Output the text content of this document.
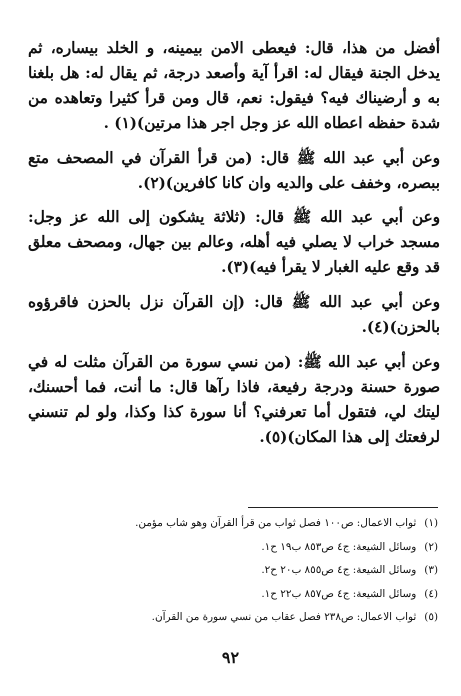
أفضل من هذا، قال: فيعطى الامن بيمينه، و الخلد بيساره، ثم يدخل الجنة فيقال له: اقرأ آية وأصعد درجة، ثم يقال له: هل بلغنا به و أرضيناك فيه؟ فيقول: نعم، قال ومن قرأ كثيرا وتعاهده من شدة حفظه اعطاه الله عز وجل اجر هذا مرتين)(١) .

وعن أبي عبد الله ﷺ قال: (من قرأ القرآن في المصحف متع ببصره، وخفف على والديه وان كانا كافرين)(٢).

وعن أبي عبد الله ﷺ قال: (ثلاثة يشكون إلى الله عز وجل: مسجد خراب لا يصلي فيه أهله، وعالم بين جهال، ومصحف معلق قد وقع عليه الغبار لا يقرأ فيه)(٣).

وعن أبي عبد الله ﷺ قال: (إن القرآن نزل بالحزن فاقرؤوه بالحزن)(٤).

وعن أبي عبد الله ﷺ: (من نسي سورة من القرآن مثلت له في صورة حسنة ودرجة رفيعة، فاذا رآها قال: ما أنت، فما أحسنك، ليتك لي، فتقول أما تعرفني؟ أنا سورة كذا وكذا، ولو لم تنسني لرفعتك إلى هذا المكان)(٥).

(١)ثواب الاعمال: ص١٠٠ فصل ثواب من قرأ القرآن وهو شاب مؤمن.
(٢)وسائل الشيعة: ج٤ ص٨٥٣ ب١٩ ح١.
(٣)وسائل الشيعة: ج٤ ص٨٥٥ ب٢٠ ح٢.
(٤)وسائل الشيعة: ج٤ ص٨٥٧ ب٢٢ ح١.
(٥)ثواب الاعمال: ص٢٣٨ فصل عقاب من نسي سورة من القرآن.
٩٢
